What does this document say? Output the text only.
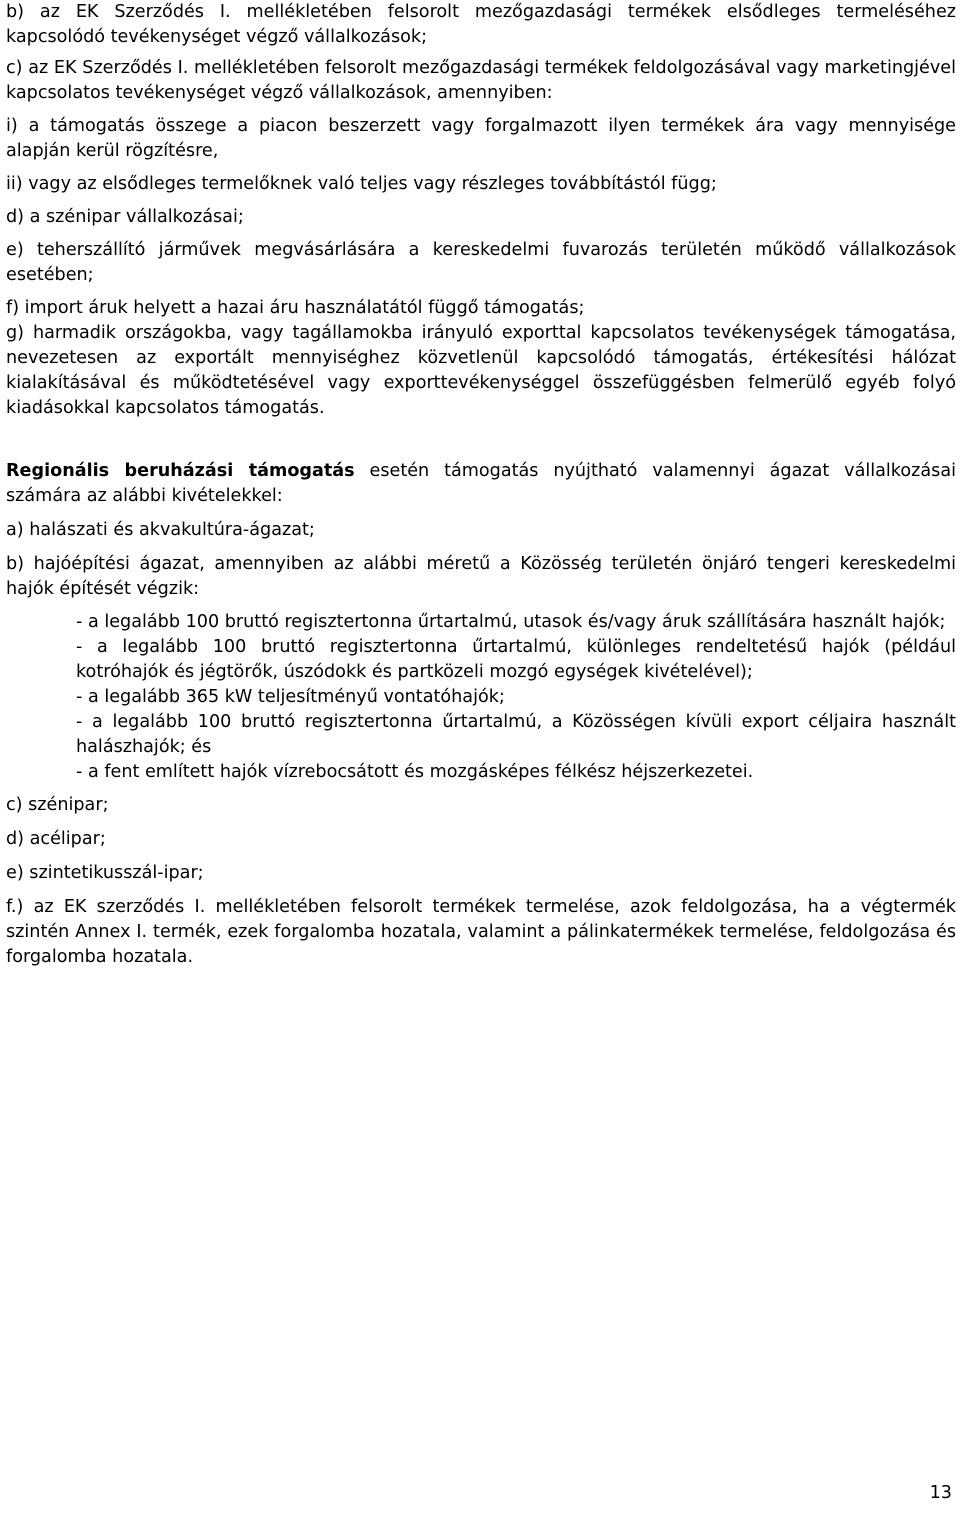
b) az EK Szerződés I. mellékletében felsorolt mezőgazdasági termékek elsődleges termeléséhez kapcsolódó tevékenységet végző vállalkozások;

c) az EK Szerződés I. mellékletében felsorolt mezőgazdasági termékek feldolgozásával vagy marketingjével kapcsolatos tevékenységet végző vállalkozások, amennyiben:

i) a támogatás összege a piacon beszerzett vagy forgalmazott ilyen termékek ára vagy mennyisége alapján kerül rögzítésre,

ii) vagy az elsődleges termelőknek való teljes vagy részleges továbbítástól függ;

d) a szénipar vállalkozásai;

e) teherszállító járművek megvásárlására a kereskedelmi fuvarozás területén működő vállalkozások esetében;

f) import áruk helyett a hazai áru használatától függő támogatás;

g) harmadik országokba, vagy tagállamokba irányuló exporttal kapcsolatos tevékenységek támogatása, nevezetesen az exportált mennyiséghez közvetlenül kapcsolódó támogatás, értékesítési hálózat kialakításával és működtetésével vagy exporttevékenységgel összefüggésben felmerülő egyéb folyó kiadásokkal kapcsolatos támogatás.

Regionális beruházási támogatás esetén támogatás nyújtható valamennyi ágazat vállalkozásai számára az alábbi kivételekkel:

a) halászati és akvakultúra-ágazat;

b) hajóépítési ágazat, amennyiben az alábbi méretű a Közösség területén önjáró tengeri kereskedelmi hajók építését végzik:

- a legalább 100 bruttó regisztertonna űrtartalmú, utasok és/vagy áruk szállítására használt hajók;

- a legalább 100 bruttó regisztertonna űrtartalmú, különleges rendeltetésű hajók (például kotróhajók és jégtörők, úszódokk és partközeli mozgó egységek kivételével);

- a legalább 365 kW teljesítményű vontatóhajók;

- a legalább 100 bruttó regisztertonna űrtartalmú, a Közösségen kívüli export céljaira használt halászhajók; és

- a fent említett hajók vízrebocsátott és mozgásképes félkész héjszerkezetei.

c) szénipar;

d) acélipar;

e) szintetikusszál-ipar;

f.) az EK szerződés I. mellékletében felsorolt termékek termelése, azok feldolgozása, ha a végtermék szintén Annex I. termék, ezek forgalomba hozatala, valamint a pálinkatermékek termelése, feldolgozása és forgalomba hozatala.

13
